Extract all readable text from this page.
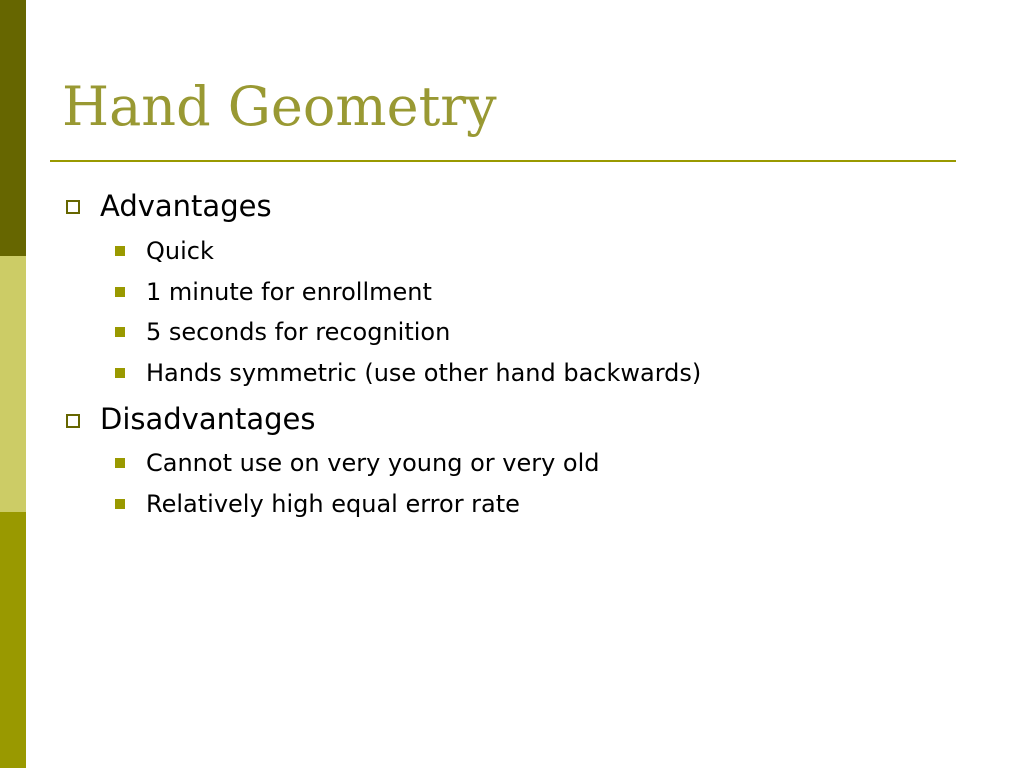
Hand Geometry
Advantages
Quick
1 minute for enrollment
5 seconds for recognition
Hands symmetric (use other hand backwards)
Disadvantages
Cannot use on very young or very old
Relatively high equal error rate
